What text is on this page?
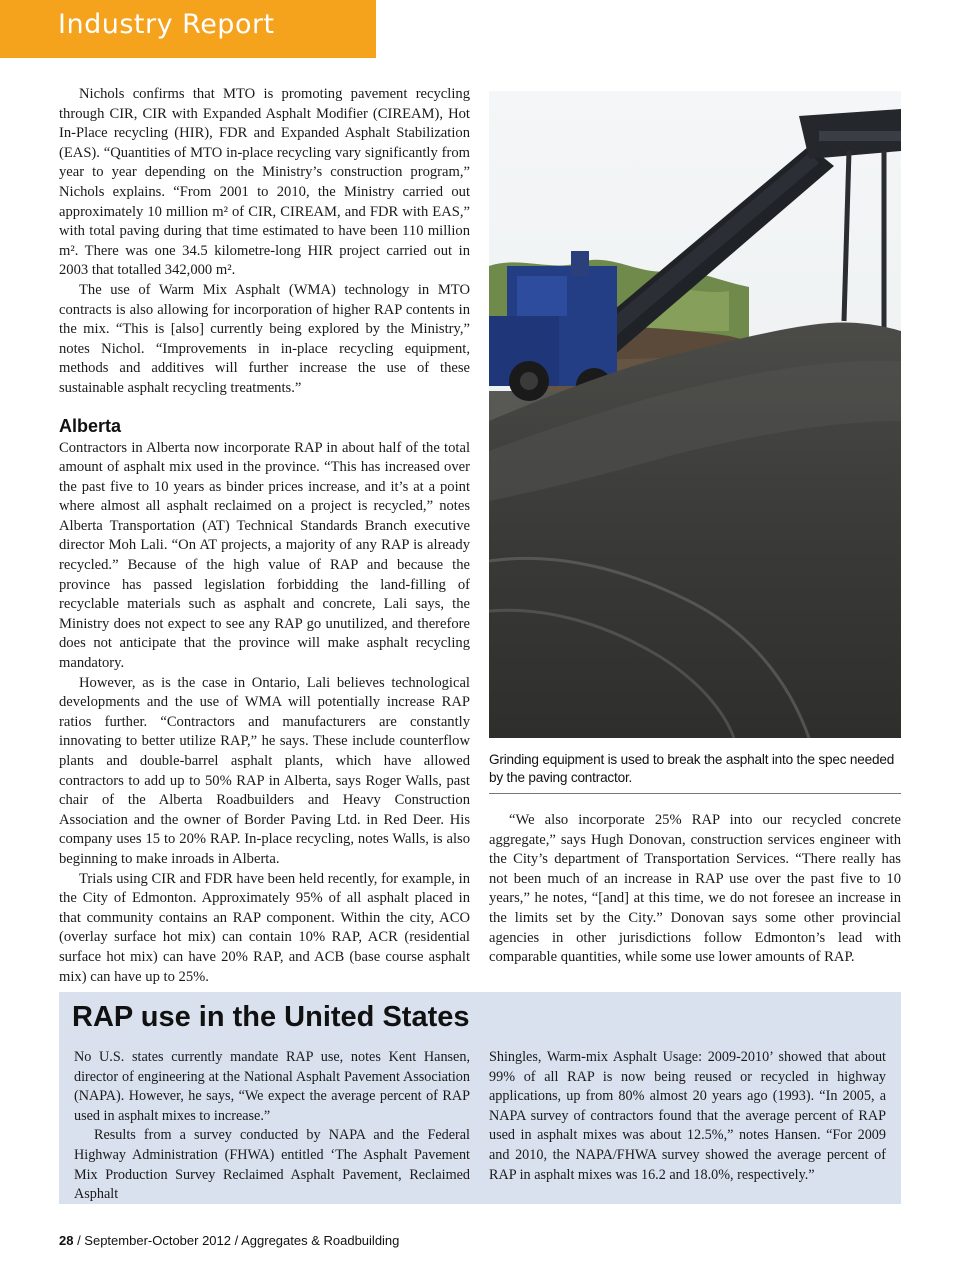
Industry Report

Nichols confirms that MTO is promoting pavement recycling through CIR, CIR with Expanded Asphalt Modifier (CIREAM), Hot In-Place recycling (HIR), FDR and Expanded Asphalt Stabilization (EAS). “Quantities of MTO in-place recycling vary significantly from year to year depending on the Ministry’s construction program,” Nichols explains. “From 2001 to 2010, the Ministry carried out approximately 10 million m² of CIR, CIREAM, and FDR with EAS,” with total paving during that time estimated to have been 110 million m². There was one 34.5 kilometre-long HIR project carried out in 2003 that totalled 342,000 m².

The use of Warm Mix Asphalt (WMA) technology in MTO contracts is also allowing for incorporation of higher RAP contents in the mix. “This is [also] currently being explored by the Ministry,” notes Nichol. “Improvements in in-place recycling equipment, methods and additives will further increase the use of these sustainable asphalt recycling treatments.”

Alberta

Contractors in Alberta now incorporate RAP in about half of the total amount of asphalt mix used in the province. “This has increased over the past five to 10 years as binder prices increase, and it’s at a point where almost all asphalt reclaimed on a project is recycled,” notes Alberta Transportation (AT) Technical Standards Branch executive director Moh Lali. “On AT projects, a majority of any RAP is already recycled.” Because of the high value of RAP and because the province has passed legislation forbidding the land-filling of recyclable materials such as asphalt and concrete, Lali says, the Ministry does not expect to see any RAP go unutilized, and therefore does not anticipate that the province will make asphalt recycling mandatory.

However, as is the case in Ontario, Lali believes technological developments and the use of WMA will potentially increase RAP ratios further. “Contractors and manufacturers are constantly innovating to better utilize RAP,” he says. These include counterflow plants and double-barrel asphalt plants, which have allowed contractors to add up to 50% RAP in Alberta, says Roger Walls, past chair of the Alberta Roadbuilders and Heavy Construction Association and the owner of Border Paving Ltd. in Red Deer. His company uses 15 to 20% RAP. In-place recycling, notes Walls, is also beginning to make inroads in Alberta.

Trials using CIR and FDR have been held recently, for example, in the City of Edmonton. Approximately 95% of all asphalt placed in that community contains an RAP component. Within the city, ACO (overlay surface hot mix) can contain 10% RAP, ACR (residential surface hot mix) can have 20% RAP, and ACB (base course asphalt mix) can have up to 25%.

Grinding equipment is used to break the asphalt into the spec needed by the paving contractor.

“We also incorporate 25% RAP into our recycled concrete aggregate,” says Hugh Donovan, construction services engineer with the City’s department of Transportation Services. “There really has not been much of an increase in RAP use over the past five to 10 years,” he notes, “[and] at this time, we do not foresee an increase in the limits set by the City.” Donovan says some other provincial agencies in other jurisdictions follow Edmonton’s lead with comparable quantities, while some use lower amounts of RAP.

RAP use in the United States

No U.S. states currently mandate RAP use, notes Kent Hansen, director of engineering at the National Asphalt Pavement Association (NAPA). However, he says, “We expect the average percent of RAP used in asphalt mixes to increase.”

Results from a survey conducted by NAPA and the Federal Highway Administration (FHWA) entitled ‘The Asphalt Pavement Mix Production Survey Reclaimed Asphalt Pavement, Reclaimed Asphalt

Shingles, Warm-mix Asphalt Usage: 2009-2010’ showed that about 99% of all RAP is now being reused or recycled in highway applications, up from 80% almost 20 years ago (1993). “In 2005, a NAPA survey of contractors found that the average percent of RAP used in asphalt mixes was about 12.5%,” notes Hansen. “For 2009 and 2010, the NAPA/FHWA survey showed the average percent of RAP in asphalt mixes was 16.2 and 18.0%, respectively.”

28 / September-October 2012 / Aggregates & Roadbuilding
